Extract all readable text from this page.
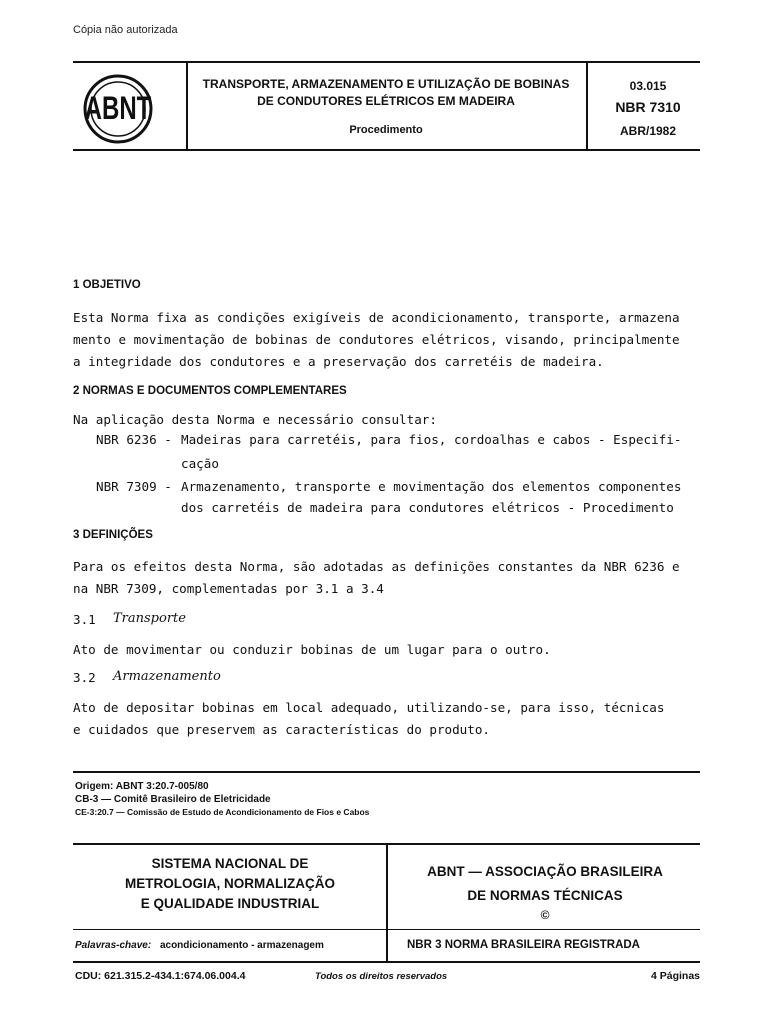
Cópia não autorizada
ABNT
TRANSPORTE, ARMAZENAMENTO E UTILIZAÇÃO DE BOBINAS
DE CONDUTORES ELÉTRICOS EM MADEIRA
Procedimento
03.015
NBR 7310
ABR/1982
1 OBJETIVO

Esta Norma fixa as condições exigíveis de acondicionamento, transporte, armazena

mento e movimentação de bobinas de condutores elétricos, visando, principalmente

a integridade dos condutores e a preservação dos carretéis de madeira.

2 NORMAS E DOCUMENTOS COMPLEMENTARES
Na aplicação desta Norma e necessário consultar:
NBR 6236 - Madeiras para carretéis, para fios, cordoalhas e cabos - Especifi-
cação
NBR 7309 - Armazenamento, transporte e movimentação dos elementos componentes
dos carretéis de madeira para condutores elétricos - Procedimento
3 DEFINIÇÕES

Para os efeitos desta Norma, são adotadas as definições constantes da NBR 6236 e

na NBR 7309, complementadas por 3.1 a 3.4

3.1 Transporte
Ato de movimentar ou conduzir bobinas de um lugar para o outro.
3.2 Armazenamento

Ato de depositar bobinas em local adequado, utilizando-se, para isso, técnicas

e cuidados que preservem as características do produto.

Origem: ABNT 3:20.7-005/80
CB-3 — Comitê Brasileiro de Eletricidade
CE-3:20.7 — Comissão de Estudo de Acondicionamento de Fios e Cabos
SISTEMA NACIONAL DE
METROLOGIA, NORMALIZAÇÃO
E QUALIDADE INDUSTRIAL
ABNT — ASSOCIAÇÃO BRASILEIRA
DE NORMAS TÉCNICAS
©
Palavras-chave: acondicionamento - armazenagem	NBR 3 NORMA BRASILEIRA REGISTRADA
CDU: 621.315.2-434.1:674.06.004.4	Todos os direitos reservados	4 Páginas
